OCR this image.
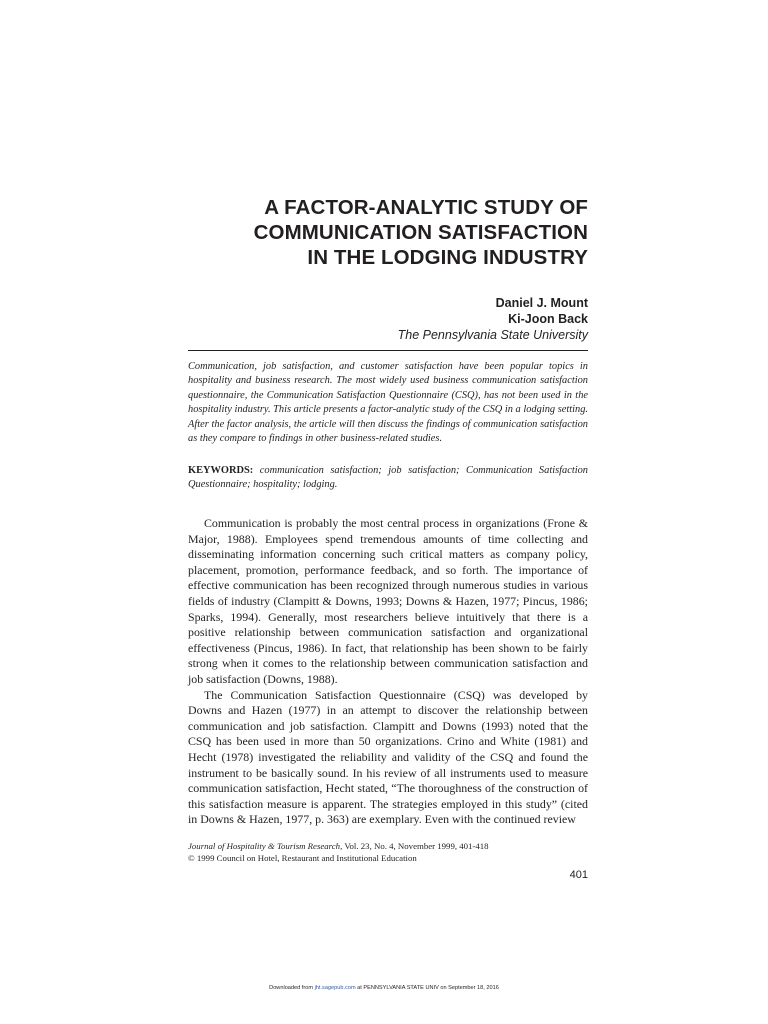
A FACTOR-ANALYTIC STUDY OF
COMMUNICATION SATISFACTION
IN THE LODGING INDUSTRY
Daniel J. Mount
Ki-Joon Back
The Pennsylvania State University
Communication, job satisfaction, and customer satisfaction have been popular topics in hospitality and business research. The most widely used business communication satisfaction questionnaire, the Communication Satisfaction Questionnaire (CSQ), has not been used in the hospitality industry. This article presents a factor-analytic study of the CSQ in a lodging setting. After the factor analysis, the article will then discuss the findings of communication satisfaction as they compare to findings in other business-related studies.
KEYWORDS: communication satisfaction; job satisfaction; Communication Satisfaction Questionnaire; hospitality; lodging.

Communication is probably the most central process in organizations (Frone & Major, 1988). Employees spend tremendous amounts of time collecting and disseminating information concerning such critical matters as company policy, placement, promotion, performance feedback, and so forth. The importance of effective communication has been recognized through numerous studies in various fields of industry (Clampitt & Downs, 1993; Downs & Hazen, 1977; Pincus, 1986; Sparks, 1994). Generally, most researchers believe intuitively that there is a positive relationship between communication satisfaction and organizational effectiveness (Pincus, 1986). In fact, that relationship has been shown to be fairly strong when it comes to the relationship between communication satisfaction and job satisfaction (Downs, 1988).

The Communication Satisfaction Questionnaire (CSQ) was developed by Downs and Hazen (1977) in an attempt to discover the relationship between communication and job satisfaction. Clampitt and Downs (1993) noted that the CSQ has been used in more than 50 organizations. Crino and White (1981) and Hecht (1978) investigated the reliability and validity of the CSQ and found the instrument to be basically sound. In his review of all instruments used to measure communication satisfaction, Hecht stated, “The thoroughness of the construction of this satisfaction measure is apparent. The strategies employed in this study” (cited in Downs & Hazen, 1977, p. 363) are exemplary. Even with the continued review

Journal of Hospitality & Tourism Research, Vol. 23, No. 4, November 1999, 401-418
© 1999 Council on Hotel, Restaurant and Institutional Education
401
Downloaded from jht.sagepub.com at PENNSYLVANIA STATE UNIV on September 18, 2016
